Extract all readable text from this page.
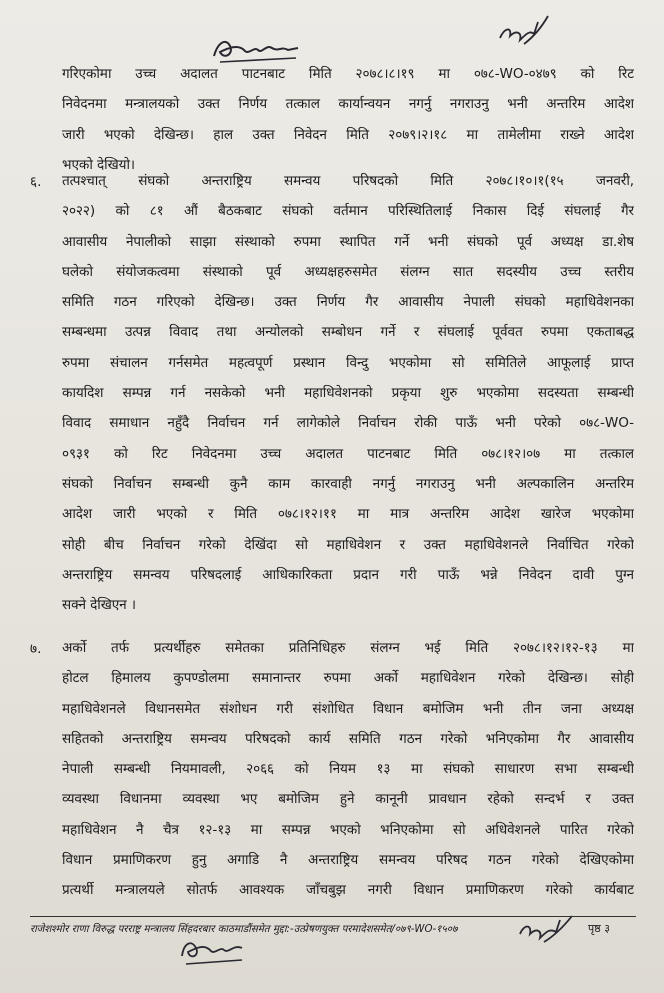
गरिएकोमा उच्च अदालत पाटनबाट मिति २०७८।८।१९ मा ०७८-WO-०४७९ को रिट
निवेदनमा मन्त्रालयको उक्त निर्णय तत्काल कार्यान्वयन नगर्नु नगराउनु भनी अन्तरिम आदेश
जारी भएको देखिन्छ। हाल उक्त निवेदन मिति २०७९।२।१८ मा तामेलीमा राख्ने आदेश
भएको देखियो।
६. तत्पश्चात् संघको अन्तराष्ट्रिय समन्वय परिषदको मिति २०७८।१०।१(१५ जनवरी,
२०२२) को ८१ औं बैठकबाट संघको वर्तमान परिस्थितिलाई निकास दिई संघलाई गैर
आवासीय नेपालीको साझा संस्थाको रुपमा स्थापित गर्ने भनी संघको पूर्व अध्यक्ष डा.शेष
घलेको संयोजकत्वमा संस्थाको पूर्व अध्यक्षहरुसमेत संलग्न सात सदस्यीय उच्च स्तरीय
समिति गठन गरिएको देखिन्छ। उक्त निर्णय गैर आवासीय नेपाली संघको महाधिवेशनका
सम्बन्धमा उत्पन्न विवाद तथा अन्योलको सम्बोधन गर्ने र संघलाई पूर्ववत रुपमा एकताबद्ध
रुपमा संचालन गर्नसमेत महत्वपूर्ण प्रस्थान विन्दु भएकोमा सो समितिले आफूलाई प्राप्त
कायदिश सम्पन्न गर्न नसकेको भनी महाधिवेशनको प्रकृया शुरु भएकोमा सदस्यता सम्बन्धी
विवाद समाधान नहुँदै निर्वाचन गर्न लागेकोले निर्वाचन रोकी पाऊँ भनी परेको ०७८-WO-
०९३१ को रिट निवेदनमा उच्च अदालत पाटनबाट मिति ०७८।१२।०७ मा तत्काल
संघको निर्वाचन सम्बन्धी कुनै काम कारवाही नगर्नु नगराउनु भनी अल्पकालिन अन्तरिम
आदेश जारी भएको र मिति ०७८।१२।११ मा मात्र अन्तरिम आदेश खारेज भएकोमा
सोही बीच निर्वाचन गरेको देखिंदा सो महाधिवेशन र उक्त महाधिवेशनले निर्वाचित गरेको
अन्तराष्ट्रिय समन्वय परिषदलाई आधिकारिकता प्रदान गरी पाऊँ भन्ने निवेदन दावी पुग्न
सक्ने देखिएन ।
७. अर्को तर्फ प्रत्यर्थीहरु समेतका प्रतिनिधिहरु संलग्न भई मिति २०७८।१२।१२-१३ मा
होटल हिमालय कुपण्डोलमा समानान्तर रुपमा अर्को महाधिवेशन गरेको देखिन्छ। सोही
महाधिवेशनले विधानसमेत संशोधन गरी संशोधित विधान बमोजिम भनी तीन जना अध्यक्ष
सहितको अन्तराष्ट्रिय समन्वय परिषदको कार्य समिति गठन गरेको भनिएकोमा गैर आवासीय
नेपाली सम्बन्धी नियमावली, २०६६ को नियम १३ मा संघको साधारण सभा सम्बन्धी
व्यवस्था विधानमा व्यवस्था भए बमोजिम हुने कानूनी प्रावधान रहेको सन्दर्भ र उक्त
महाधिवेशन नै चैत्र १२-१३ मा सम्पन्न भएको भनिएकोमा सो अधिवेशनले पारित गरेको
विधान प्रमाणिकरण हुनु अगाडि नै अन्तराष्ट्रिय समन्वय परिषद गठन गरेको देखिएकोमा
प्रत्यर्थी मन्त्रालयले सोतर्फ आवश्यक जाँचबुझ नगरी विधान प्रमाणिकरण गरेको कार्यबाट
राजेशश्मोर राणा विरुद्ध परराष्ट्र मन्त्रालय सिंहदरबार काठमाडौंसमेत मुद्दा:-उत्प्रेषणयुक्त परमादेशसमेत/०७९-WO-१५०७	पृष्ठ ३
